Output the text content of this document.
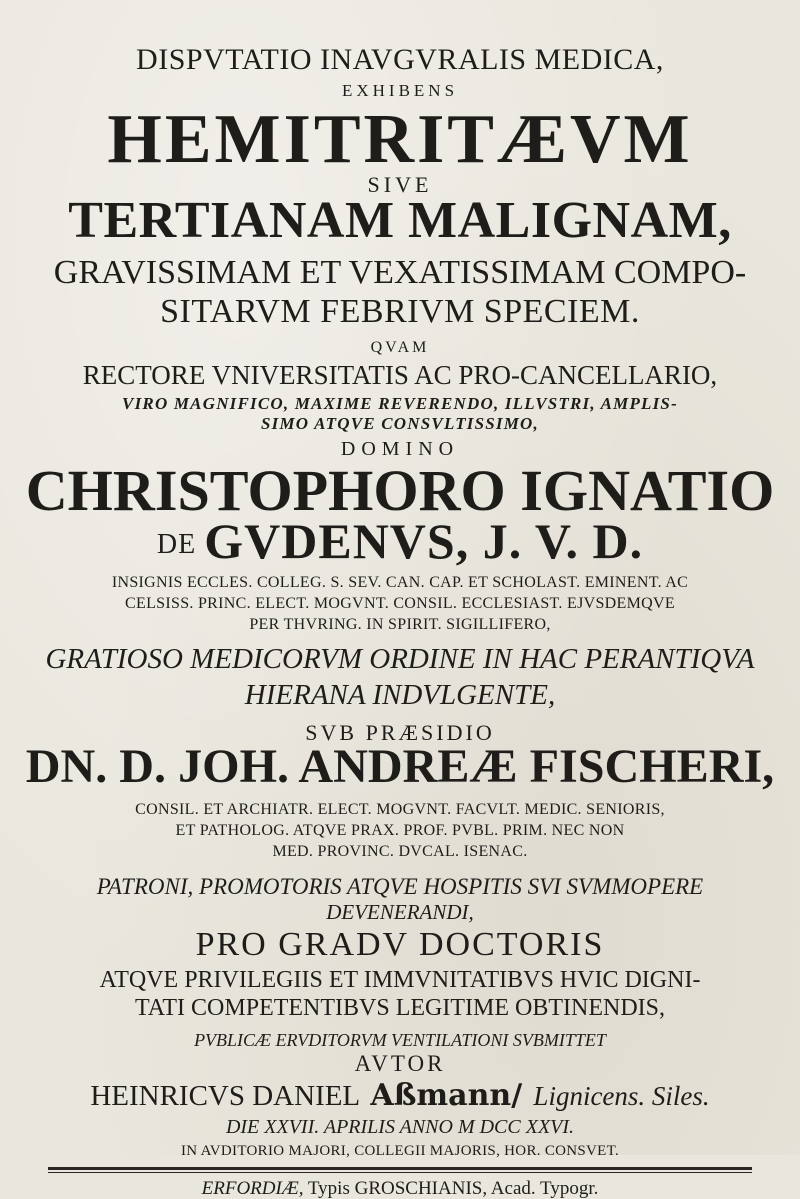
DISPVTATIO INAVGVRALIS MEDICA,
EXHIBENS
HEMITRITÆVM
SIVE
TERTIANAM MALIGNAM,
GRAVISSIMAM ET VEXATISSIMAM COMPO-
SITARVM FEBRIVM SPECIEM.
QVAM
RECTORE VNIVERSITATIS AC PRO-CANCELLARIO,
VIRO MAGNIFICO, MAXIME REVERENDO, ILLVSTRI, AMPLIS-
SIMO ATQVE CONSVLTISSIMO,
DOMINO
CHRISTOPHORO IGNATIO
DE GVDENVS, J. V. D.
INSIGNIS ECCLES. COLLEG. S. SEV. CAN. CAP. ET SCHOLAST. EMINENT. AC
CELSISS. PRINC. ELECT. MOGVNT. CONSIL. ECCLESIAST. EJVSDEMQVE
PER THVRING. IN SPIRIT. SIGILLIFERO,
GRATIOSO MEDICORVM ORDINE IN HAC PERANTIQVA
HIERANA INDVLGENTE,
SVB PRÆSIDIO
DN. D. JOH. ANDREÆ FISCHERI,
CONSIL. ET ARCHIATR. ELECT. MOGVNT. FACVLT. MEDIC. SENIORIS,
ET PATHOLOG. ATQVE PRAX. PROF. PVBL. PRIM. NEC NON
MED. PROVINC. DVCAL. ISENAC.
PATRONI, PROMOTORIS ATQVE HOSPITIS SVI SVMMOPERE
DEVENERANDI,
PRO GRADV DOCTORIS
ATQVE PRIVILEGIIS ET IMMVNITATIBVS HVIC DIGNI-
TATI COMPETENTIBVS LEGITIME OBTINENDIS,
PVBLICÆ ERVDITORVM VENTILATIONI SVBMITTET
AVTOR
HEINRICVS DANIEL Aßmann/ Lignicens. Siles.
DIE XXVII. APRILIS ANNO M DCC XXVI.
IN AVDITORIO MAJORI, COLLEGII MAJORIS, HOR. CONSVET.
ERFORDIÆ, Typis GROSCHIANIS, Acad. Typogr.
